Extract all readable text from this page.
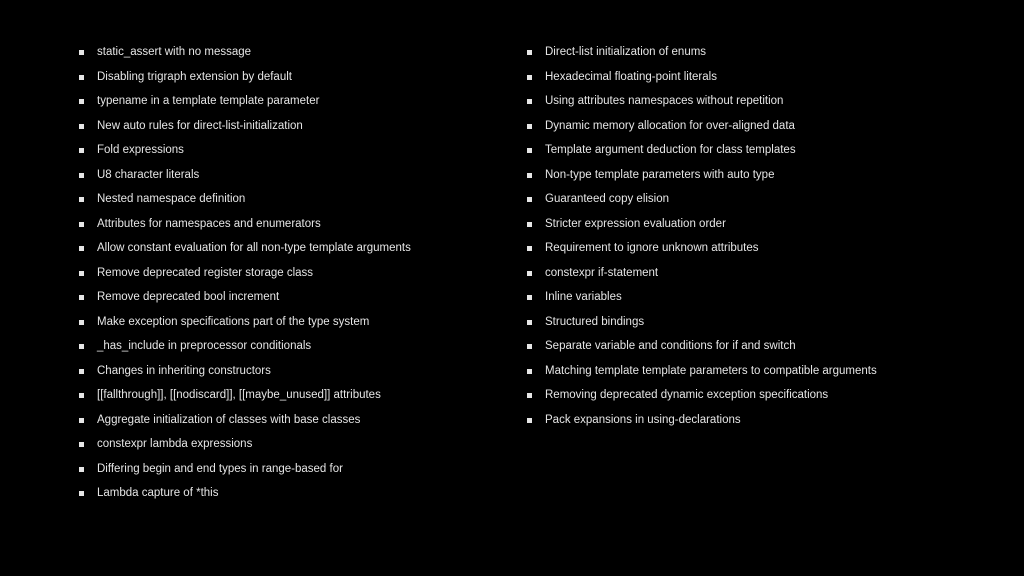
static_assert with no message
Disabling trigraph extension by default
typename in a template template parameter
New auto rules for direct-list-initialization
Fold expressions
U8 character literals
Nested namespace definition
Attributes for namespaces and enumerators
Allow constant evaluation for all non-type template arguments
Remove deprecated register storage class
Remove deprecated bool increment
Make exception specifications part of the type system
_has_include in preprocessor conditionals
Changes in inheriting constructors
[[fallthrough]], [[nodiscard]], [[maybe_unused]] attributes
Aggregate initialization of classes with base classes
constexpr lambda expressions
Differing begin and end types in range-based for
Lambda capture of *this
Direct-list initialization of enums
Hexadecimal floating-point literals
Using attributes namespaces without repetition
Dynamic memory allocation for over-aligned data
Template argument deduction for class templates
Non-type template parameters with auto type
Guaranteed copy elision
Stricter expression evaluation order
Requirement to ignore unknown attributes
constexpr if-statement
Inline variables
Structured bindings
Separate variable and conditions for if and switch
Matching template template parameters to compatible arguments
Removing deprecated dynamic exception specifications
Pack expansions in using-declarations
